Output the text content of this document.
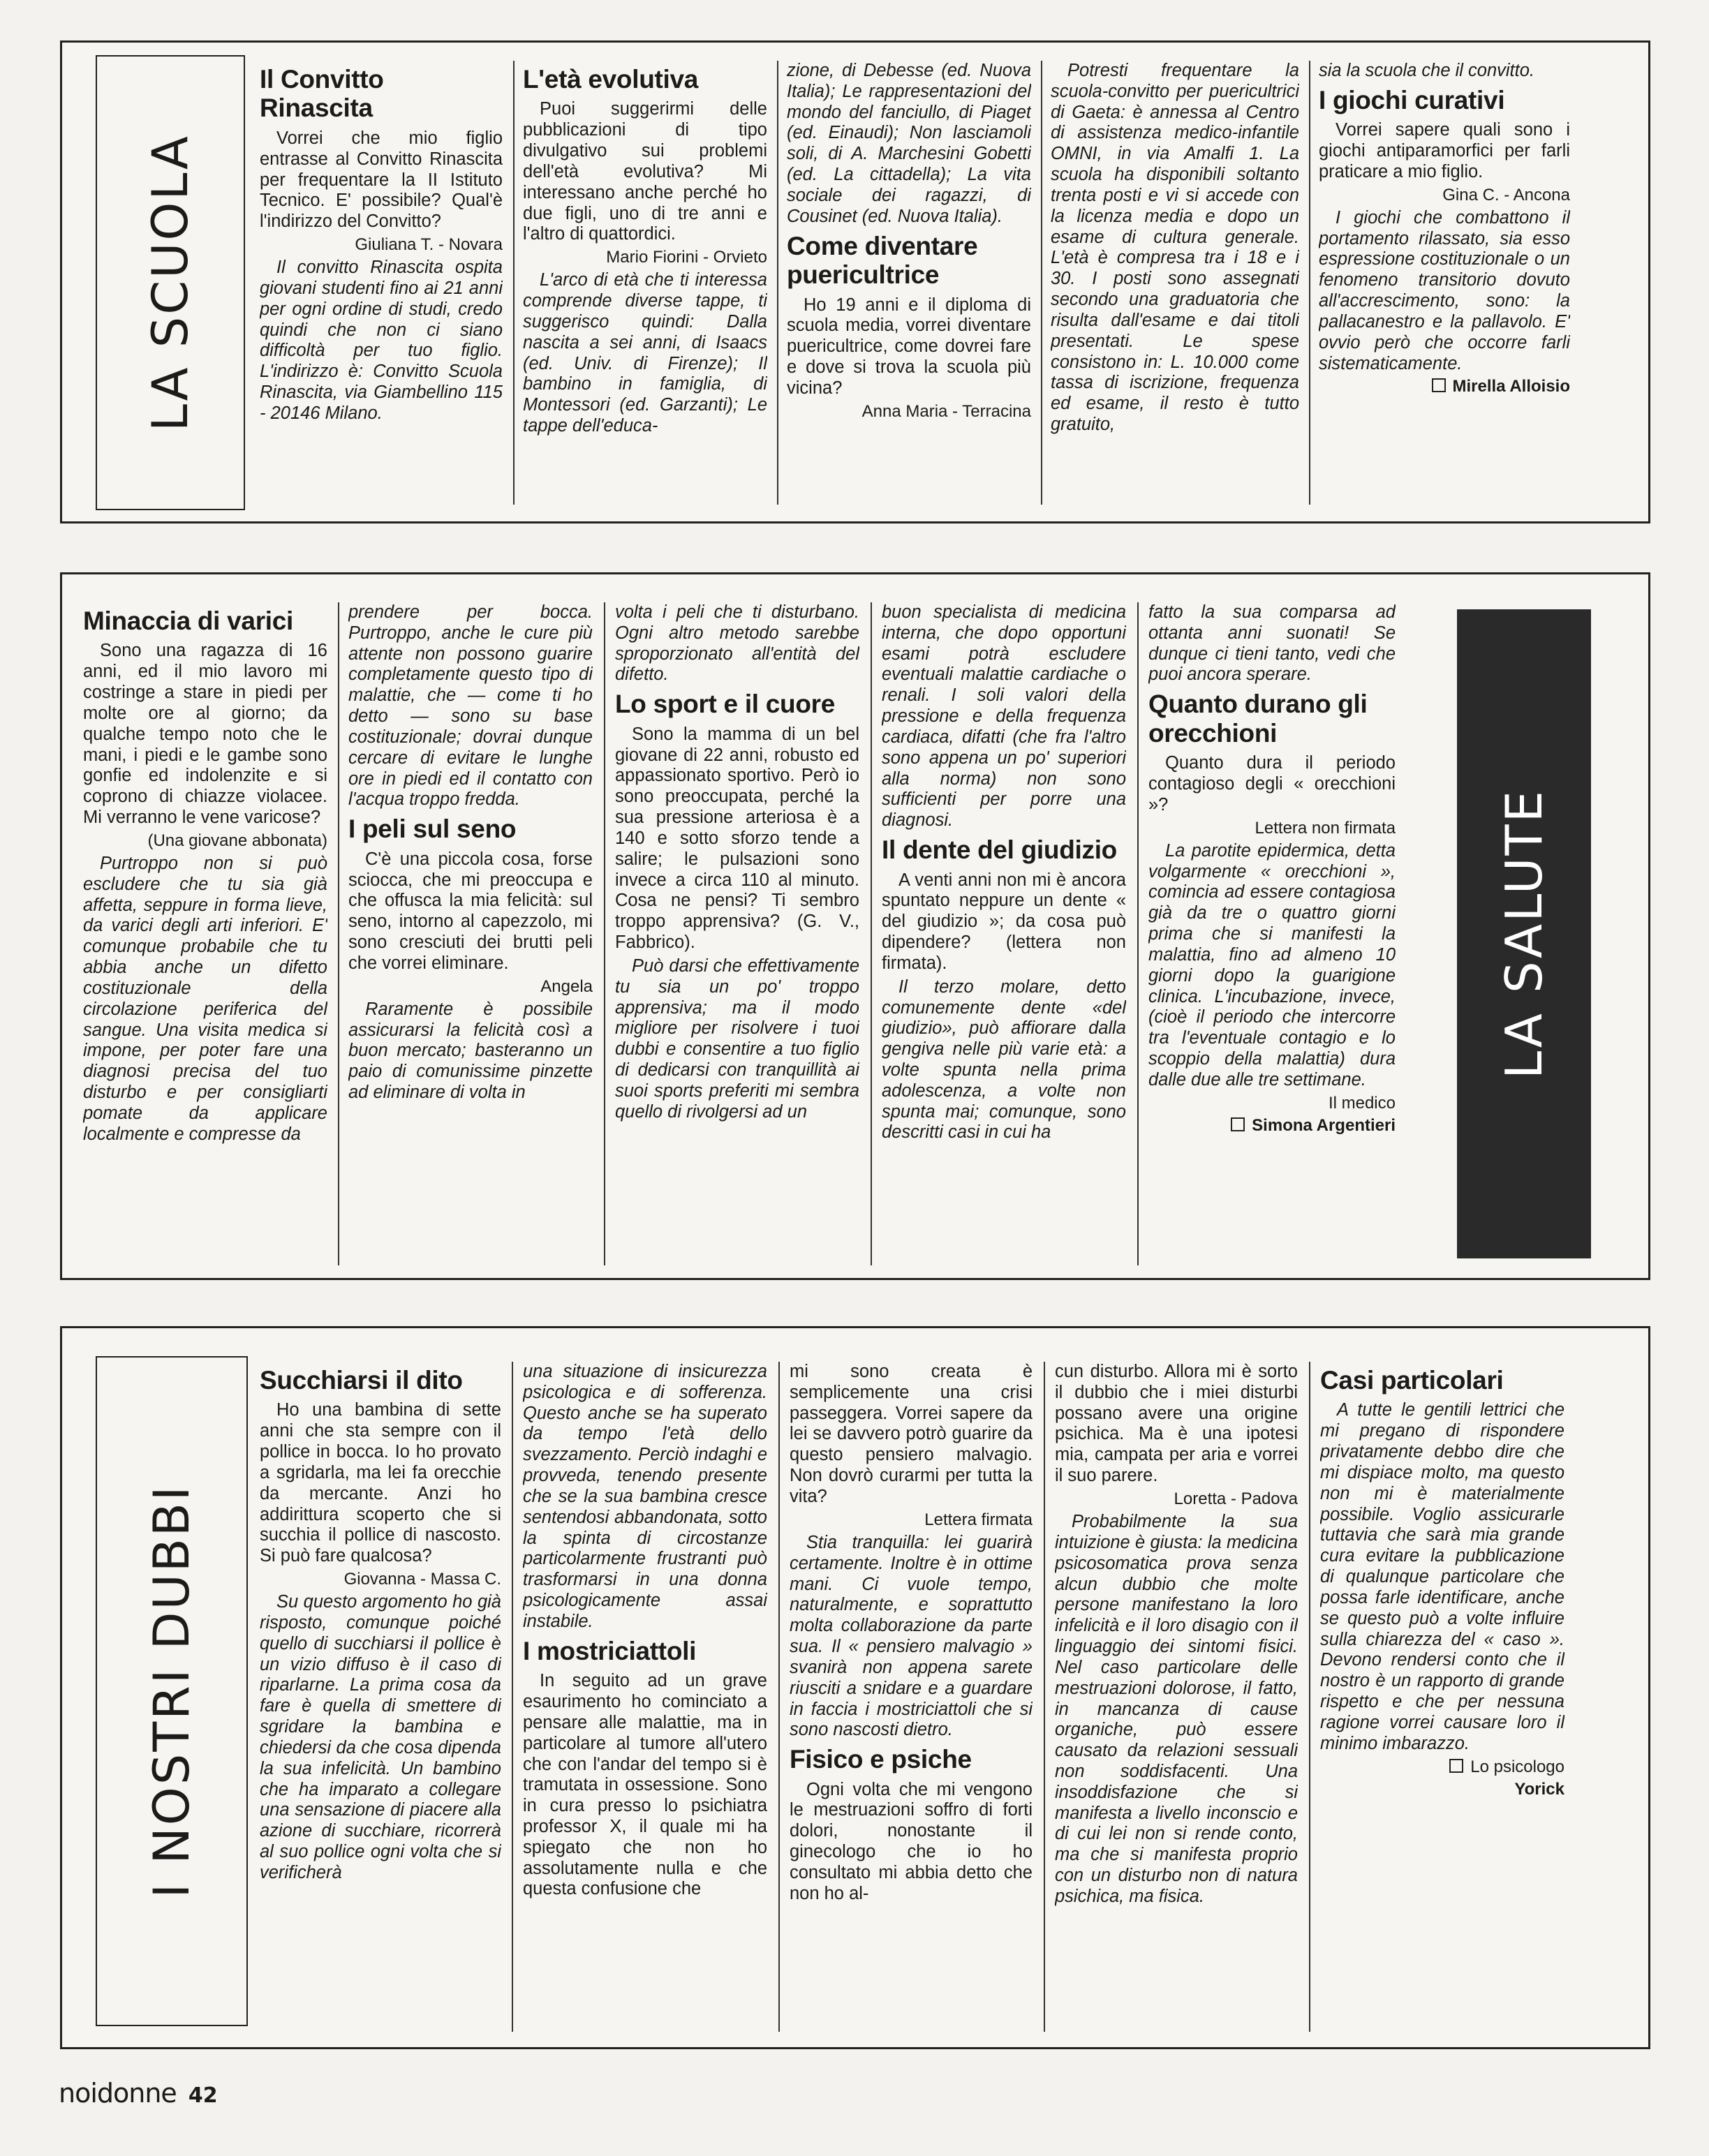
LA SCUOLA
Il Convitto Rinascita

Vorrei che mio figlio entrasse al Convitto Rinascita per frequentare la II Istituto Tecnico. E' possibile? Qual'è l'indirizzo del Convitto?

Giuliana T. - Novara

Il convitto Rinascita ospita giovani studenti fino ai 21 anni per ogni ordine di studi, credo quindi che non ci siano difficoltà per tuo figlio. L'indirizzo è: Convitto Scuola Rinascita, via Giambellino 115 - 20146 Milano.

L'età evolutiva

Puoi suggerirmi delle pubblicazioni di tipo divulgativo sui problemi dell'età evolutiva? Mi interessano anche perché ho due figli, uno di tre anni e l'altro di quattordici.

Mario Fiorini - Orvieto

L'arco di età che ti interessa comprende diverse tappe, ti suggerisco quindi: Dalla nascita a sei anni, di Isaacs (ed. Univ. di Firenze); Il bambino in famiglia, di Montessori (ed. Garzanti); Le tappe dell'educa-

zione, di Debesse (ed. Nuova Italia); Le rappresentazioni del mondo del fanciullo, di Piaget (ed. Einaudi); Non lasciamoli soli, di A. Marchesini Gobetti (ed. La cittadella); La vita sociale dei ragazzi, di Cousinet (ed. Nuova Italia).

Come diventare puericultrice

Ho 19 anni e il diploma di scuola media, vorrei diventare puericultrice, come dovrei fare e dove si trova la scuola più vicina?

Anna Maria - Terracina

Potresti frequentare la scuola-convitto per puericultrici di Gaeta: è annessa al Centro di assistenza medico-infantile OMNI, in via Amalfi 1. La scuola ha disponibili soltanto trenta posti e vi si accede con la licenza media e dopo un esame di cultura generale. L'età è compresa tra i 18 e i 30. I posti sono assegnati secondo una graduatoria che risulta dall'esame e dai titoli presentati. Le spese consistono in: L. 10.000 come tassa di iscrizione, frequenza ed esame, il resto è tutto gratuito,

sia la scuola che il convitto.

I giochi curativi

Vorrei sapere quali sono i giochi antiparamorfici per farli praticare a mio figlio.

Gina C. - Ancona

I giochi che combattono il portamento rilassato, sia esso espressione costituzionale o un fenomeno transitorio dovuto all'accrescimento, sono: la pallacanestro e la pallavolo. E' ovvio però che occorre farli sistematicamente.

Mirella Alloisio

Minaccia di varici

Sono una ragazza di 16 anni, ed il mio lavoro mi costringe a stare in piedi per molte ore al giorno; da qualche tempo noto che le mani, i piedi e le gambe sono gonfie ed indolenzite e si coprono di chiazze violacee. Mi verranno le vene varicose?

(Una giovane abbonata)

Purtroppo non si può escludere che tu sia già affetta, seppure in forma lieve, da varici degli arti inferiori. E' comunque probabile che tu abbia anche un difetto costituzionale della circolazione periferica del sangue. Una visita medica si impone, per poter fare una diagnosi precisa del tuo disturbo e per consigliarti pomate da applicare localmente e compresse da

prendere per bocca. Purtroppo, anche le cure più attente non possono guarire completamente questo tipo di malattie, che — come ti ho detto — sono su base costituzionale; dovrai dunque cercare di evitare le lunghe ore in piedi ed il contatto con l'acqua troppo fredda.

I peli sul seno

C'è una piccola cosa, forse sciocca, che mi preoccupa e che offusca la mia felicità: sul seno, intorno al capezzolo, mi sono cresciuti dei brutti peli che vorrei eliminare.

Angela

Raramente è possibile assicurarsi la felicità così a buon mercato; basteranno un paio di comunissime pinzette ad eliminare di volta in

volta i peli che ti disturbano. Ogni altro metodo sarebbe sproporzionato all'entità del difetto.

Lo sport e il cuore

Sono la mamma di un bel giovane di 22 anni, robusto ed appassionato sportivo. Però io sono preoccupata, perché la sua pressione arteriosa è a 140 e sotto sforzo tende a salire; le pulsazioni sono invece a circa 110 al minuto. Cosa ne pensi? Ti sembro troppo apprensiva? (G. V., Fabbrico).

Può darsi che effettivamente tu sia un po' troppo apprensiva; ma il modo migliore per risolvere i tuoi dubbi e consentire a tuo figlio di dedicarsi con tranquillità ai suoi sports preferiti mi sembra quello di rivolgersi ad un

buon specialista di medicina interna, che dopo opportuni esami potrà escludere eventuali malattie cardiache o renali. I soli valori della pressione e della frequenza cardiaca, difatti (che fra l'altro sono appena un po' superiori alla norma) non sono sufficienti per porre una diagnosi.

Il dente del giudizio

A venti anni non mi è ancora spuntato neppure un dente « del giudizio »; da cosa può dipendere? (lettera non firmata).

Il terzo molare, detto comunemente dente «del giudizio», può affiorare dalla gengiva nelle più varie età: a volte spunta nella prima adolescenza, a volte non spunta mai; comunque, sono descritti casi in cui ha

fatto la sua comparsa ad ottanta anni suonati! Se dunque ci tieni tanto, vedi che puoi ancora sperare.

Quanto durano gli orecchioni

Quanto dura il periodo contagioso degli « orecchioni »?

Lettera non firmata

La parotite epidermica, detta volgarmente « orecchioni », comincia ad essere contagiosa già da tre o quattro giorni prima che si manifesti la malattia, fino ad almeno 10 giorni dopo la guarigione clinica. L'incubazione, invece, (cioè il periodo che intercorre tra l'eventuale contagio e lo scoppio della malattia) dura dalle due alle tre settimane.

Il medico

Simona Argentieri

LA SALUTE
I NOSTRI DUBBI
Succhiarsi il dito

Ho una bambina di sette anni che sta sempre con il pollice in bocca. Io ho provato a sgridarla, ma lei fa orecchie da mercante. Anzi ho addirittura scoperto che si succhia il pollice di nascosto. Si può fare qualcosa?

Giovanna - Massa C.

Su questo argomento ho già risposto, comunque poiché quello di succhiarsi il pollice è un vizio diffuso è il caso di riparlarne. La prima cosa da fare è quella di smettere di sgridare la bambina e chiedersi da che cosa dipenda la sua infelicità. Un bambino che ha imparato a collegare una sensazione di piacere alla azione di succhiare, ricorrerà al suo pollice ogni volta che si verificherà

una situazione di insicurezza psicologica e di sofferenza. Questo anche se ha superato da tempo l'età dello svezzamento. Perciò indaghi e provveda, tenendo presente che se la sua bambina cresce sentendosi abbandonata, sotto la spinta di circostanze particolarmente frustranti può trasformarsi in una donna psicologicamente assai instabile.

I mostriciattoli

In seguito ad un grave esaurimento ho cominciato a pensare alle malattie, ma in particolare al tumore all'utero che con l'andar del tempo si è tramutata in ossessione. Sono in cura presso lo psichiatra professor X, il quale mi ha spiegato che non ho assolutamente nulla e che questa confusione che

mi sono creata è semplicemente una crisi passeggera. Vorrei sapere da lei se davvero potrò guarire da questo pensiero malvagio. Non dovrò curarmi per tutta la vita?

Lettera firmata

Stia tranquilla: lei guarirà certamente. Inoltre è in ottime mani. Ci vuole tempo, naturalmente, e soprattutto molta collaborazione da parte sua. Il « pensiero malvagio » svanirà non appena sarete riusciti a snidare e a guardare in faccia i mostriciattoli che si sono nascosti dietro.

Fisico e psiche

Ogni volta che mi vengono le mestruazioni soffro di forti dolori, nonostante il ginecologo che io ho consultato mi abbia detto che non ho al-

cun disturbo. Allora mi è sorto il dubbio che i miei disturbi possano avere una origine psichica. Ma è una ipotesi mia, campata per aria e vorrei il suo parere.

Loretta - Padova

Probabilmente la sua intuizione è giusta: la medicina psicosomatica prova senza alcun dubbio che molte persone manifestano la loro infelicità e il loro disagio con il linguaggio dei sintomi fisici. Nel caso particolare delle mestruazioni dolorose, il fatto, in mancanza di cause organiche, può essere causato da relazioni sessuali non soddisfacenti. Una insoddisfazione che si manifesta a livello inconscio e di cui lei non si rende conto, ma che si manifesta proprio con un disturbo non di natura psichica, ma fisica.

Casi particolari

A tutte le gentili lettrici che mi pregano di rispondere privatamente debbo dire che mi dispiace molto, ma questo non mi è materialmente possibile. Voglio assicurarle tuttavia che sarà mia grande cura evitare la pubblicazione di qualunque particolare che possa farle identificare, anche se questo può a volte influire sulla chiarezza del « caso ». Devono rendersi conto che il nostro è un rapporto di grande rispetto e che per nessuna ragione vorrei causare loro il minimo imbarazzo.

Lo psicologo

Yorick

noidonne 42
